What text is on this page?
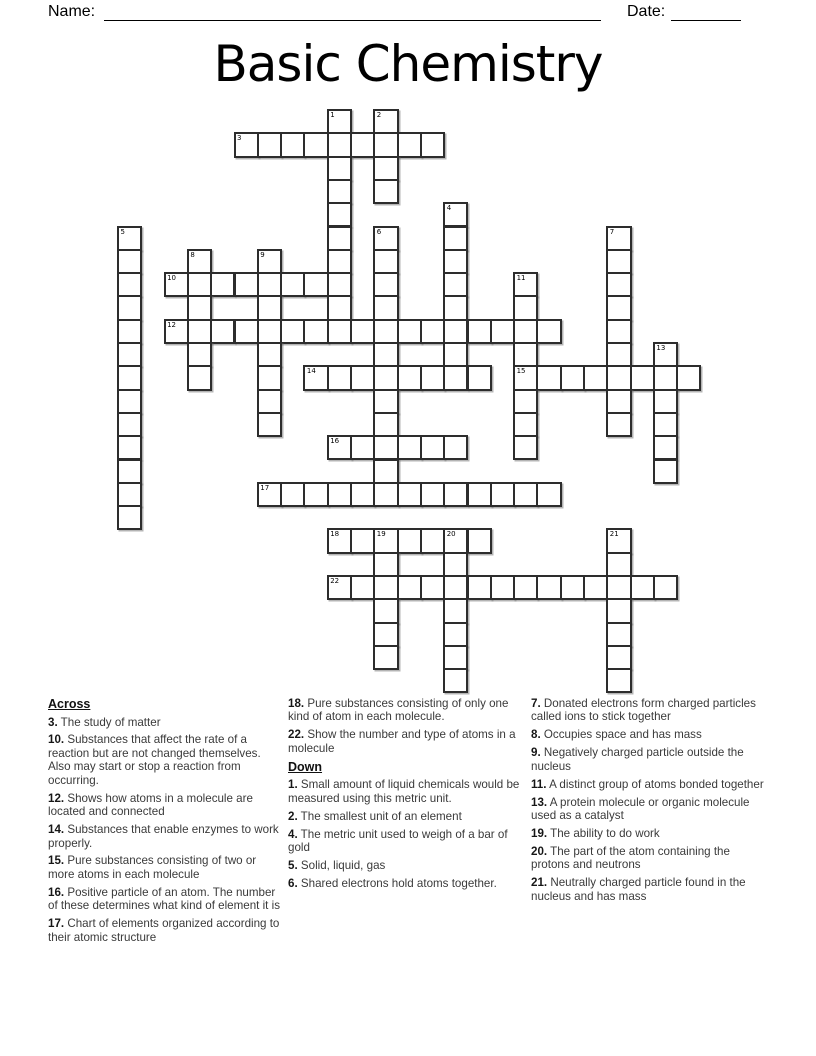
Name:	Date:
Basic Chemistry
1	2
3
4
5	6	7
8	9
10	11
12
13
14	15
16
17
18	19	20	21
22
Across
3. The study of matter
10. Substances that affect the rate of a reaction but are not changed themselves. Also may start or stop a reaction from occurring.
12. Shows how atoms in a molecule are located and connected
14. Substances that enable enzymes to work properly.
15. Pure substances consisting of two or more atoms in each molecule
16. Positive particle of an atom. The number of these determines what kind of element it is
17. Chart of elements organized according to their atomic structure
18. Pure substances consisting of only one kind of atom in each molecule.
22. Show the number and type of atoms in a molecule
Down
1. Small amount of liquid chemicals would be measured using this metric unit.
2. The smallest unit of an element
4. The metric unit used to weigh of a bar of gold
5. Solid, liquid, gas
6. Shared electrons hold atoms together.
7. Donated electrons form charged particles called ions to stick together
8. Occupies space and has mass
9. Negatively charged particle outside the nucleus
11. A distinct group of atoms bonded together
13. A protein molecule or organic molecule used as a catalyst
19. The ability to do work
20. The part of the atom containing the protons and neutrons
21. Neutrally charged particle found in the nucleus and has mass
